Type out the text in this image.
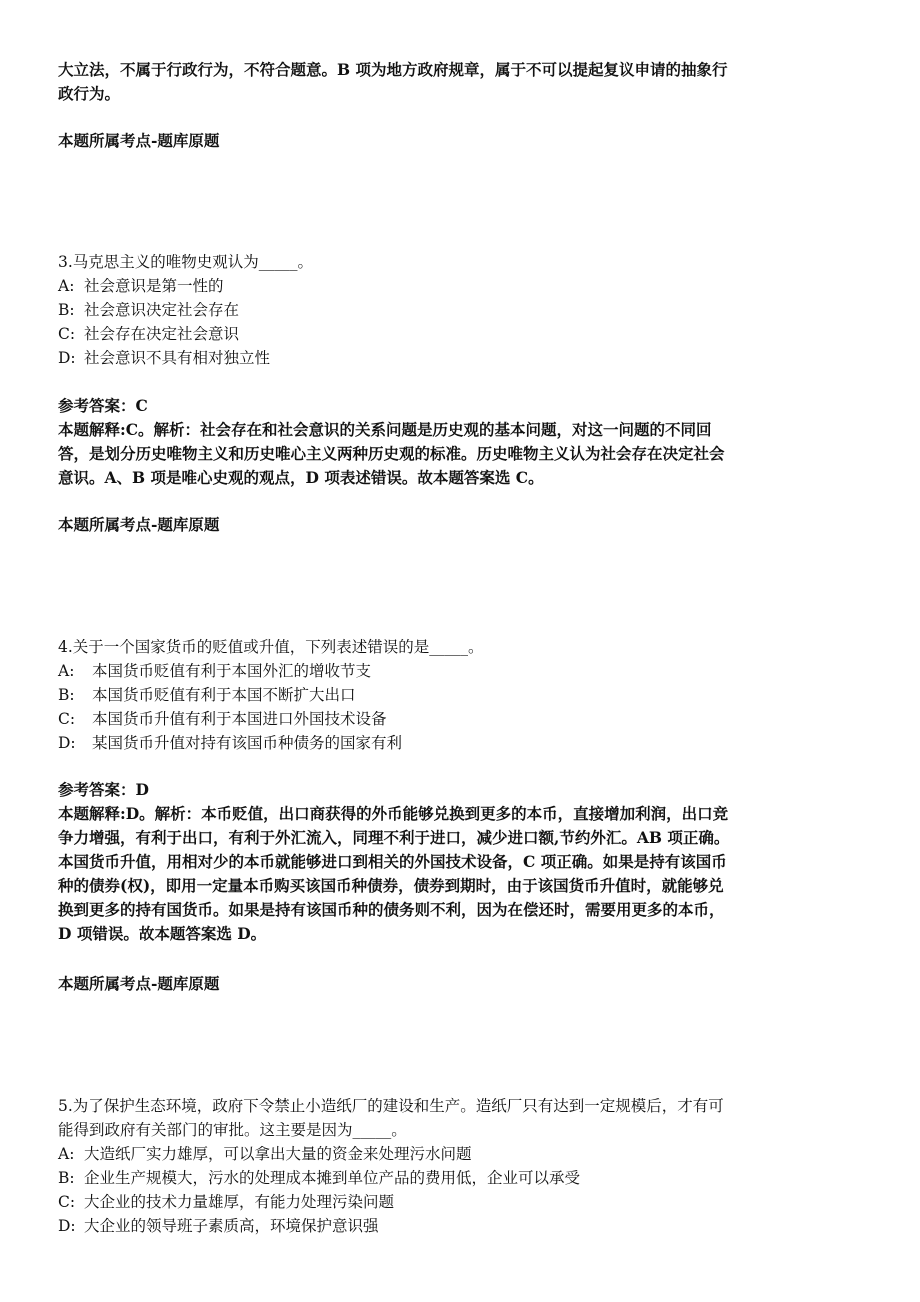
大立法，不属于行政行为，不符合题意。B 项为地方政府规章，属于不可以提起复议申请的抽象行
政行为。
本题所属考点-题库原题
3.马克思主义的唯物史观认为_____。
A: 社会意识是第一性的
B: 社会意识决定社会存在
C: 社会存在决定社会意识
D: 社会意识不具有相对独立性
参考答案：C
本题解释:C。解析：社会存在和社会意识的关系问题是历史观的基本问题，对这一问题的不同回
答，是划分历史唯物主义和历史唯心主义两种历史观的标准。历史唯物主义认为社会存在决定社会
意识。A、B 项是唯心史观的观点，D 项表述错误。故本题答案选 C。
本题所属考点-题库原题
4.关于一个国家货币的贬值或升值，下列表述错误的是_____。
A:	本国货币贬值有利于本国外汇的增收节支
B:	本国货币贬值有利于本国不断扩大出口
C:	本国货币升值有利于本国进口外国技术设备
D:	某国货币升值对持有该国币种债务的国家有利
参考答案：D
本题解释:D。解析：本币贬值，出口商获得的外币能够兑换到更多的本币，直接增加利润，出口竞
争力增强，有利于出口，有利于外汇流入，同理不利于进口，减少进口额,节约外汇。AB 项正确。
本国货币升值，用相对少的本币就能够进口到相关的外国技术设备，C 项正确。如果是持有该国币
种的债券(权)，即用一定量本币购买该国币种债券，债券到期时，由于该国货币升值时，就能够兑
换到更多的持有国货币。如果是持有该国币种的债务则不利，因为在偿还时，需要用更多的本币，
D 项错误。故本题答案选 D。
本题所属考点-题库原题
5.为了保护生态环境，政府下令禁止小造纸厂的建设和生产。造纸厂只有达到一定规模后，才有可
能得到政府有关部门的审批。这主要是因为_____。
A: 大造纸厂实力雄厚，可以拿出大量的资金来处理污水问题
B: 企业生产规模大，污水的处理成本摊到单位产品的费用低，企业可以承受
C: 大企业的技术力量雄厚，有能力处理污染问题
D: 大企业的领导班子素质高，环境保护意识强
